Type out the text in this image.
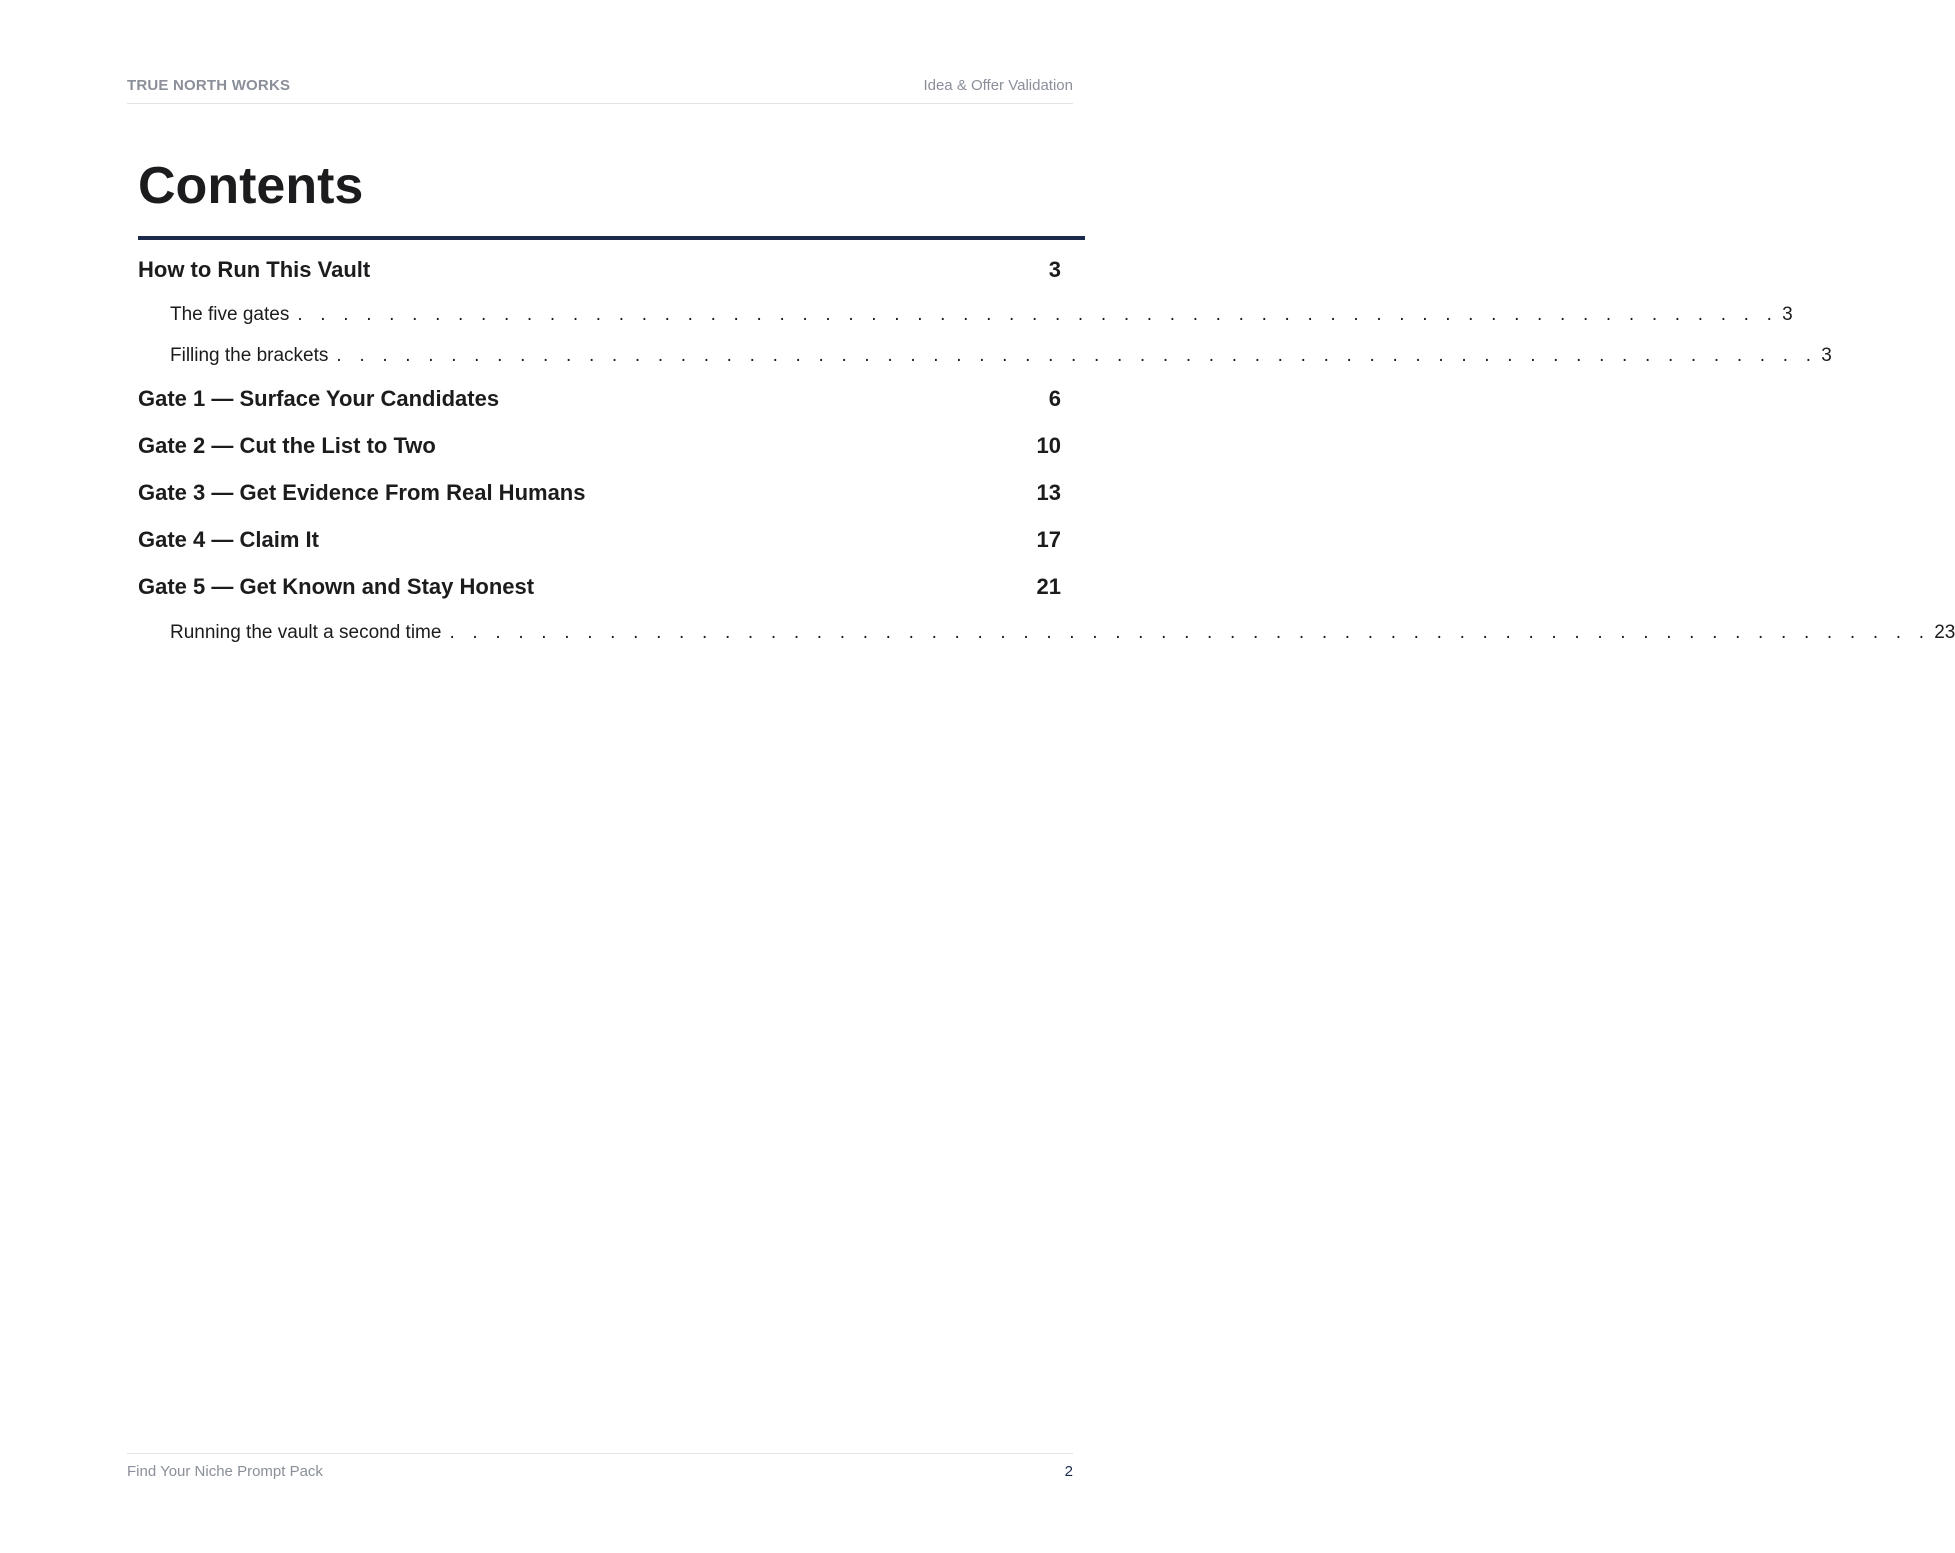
TRUE NORTH WORKS	Idea & Offer Validation
Contents
How to Run This Vault	3
The five gates . . . . . . . . . . . . . . . . . . . . . . . . . . . . . . . . . . . . . . . . . . . . . . . . . . . . . . . . . . . . . . . . . 3
Filling the brackets . . . . . . . . . . . . . . . . . . . . . . . . . . . . . . . . . . . . . . . . . . . . . . . . . . . . . . . . . . . . . . . . . 3
Gate 1 — Surface Your Candidates	6
Gate 2 — Cut the List to Two	10
Gate 3 — Get Evidence From Real Humans	13
Gate 4 — Claim It	17
Gate 5 — Get Known and Stay Honest	21
Running the vault a second time . . . . . . . . . . . . . . . . . . . . . . . . . . . . . . . . . . . . . . . . . . . . . . . . . . . . . . . . . . . . . . . . . 23
Find Your Niche Prompt Pack	2
